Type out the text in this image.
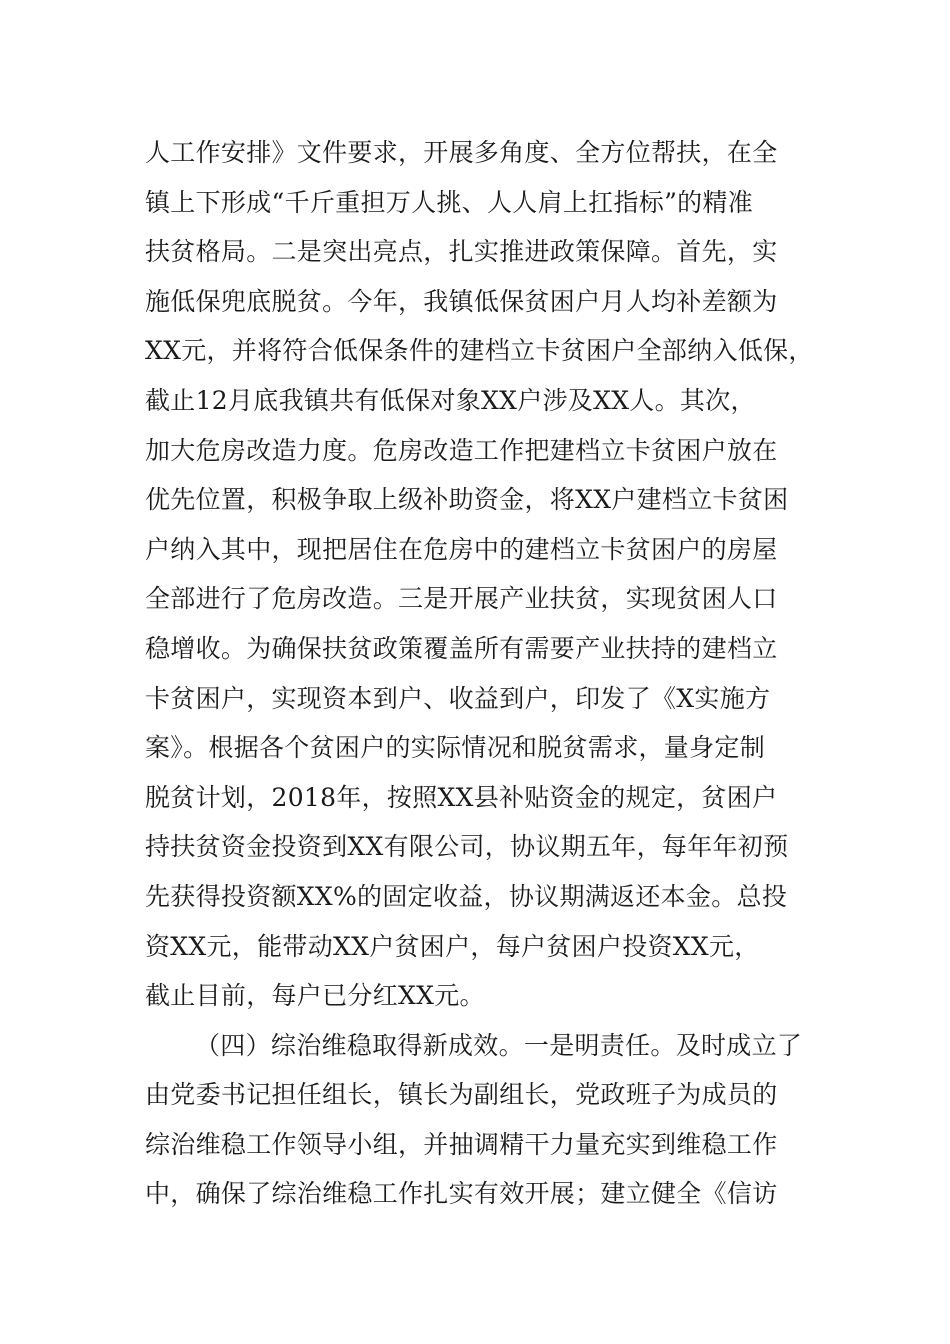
人工作安排》文件要求，开展多角度、全方位帮扶，在全
镇上下形成“千斤重担万人挑、人人肩上扛指标”的精准
扶贫格局。二是突出亮点，扎实推进政策保障。首先，实
施低保兜底脱贫。今年，我镇低保贫困户月人均补差额为
XX元，并将符合低保条件的建档立卡贫困户全部纳入低保，
截止12月底我镇共有低保对象XX户涉及XX人。其次，
加大危房改造力度。危房改造工作把建档立卡贫困户放在
优先位置，积极争取上级补助资金，将XX户建档立卡贫困
户纳入其中，现把居住在危房中的建档立卡贫困户的房屋
全部进行了危房改造。三是开展产业扶贫，实现贫困人口
稳增收。为确保扶贫政策覆盖所有需要产业扶持的建档立
卡贫困户，实现资本到户、收益到户，印发了《X实施方
案》。根据各个贫困户的实际情况和脱贫需求，量身定制
脱贫计划，2018年，按照XX县补贴资金的规定，贫困户
持扶贫资金投资到XX有限公司，协议期五年，每年年初预
先获得投资额XX%的固定收益，协议期满返还本金。总投
资XX元，能带动XX户贫困户，每户贫困户投资XX元，
截止目前，每户已分红XX元。
（四）综治维稳取得新成效。一是明责任。及时成立了
由党委书记担任组长，镇长为副组长，党政班子为成员的
综治维稳工作领导小组，并抽调精干力量充实到维稳工作
中，确保了综治维稳工作扎实有效开展；建立健全《信访
